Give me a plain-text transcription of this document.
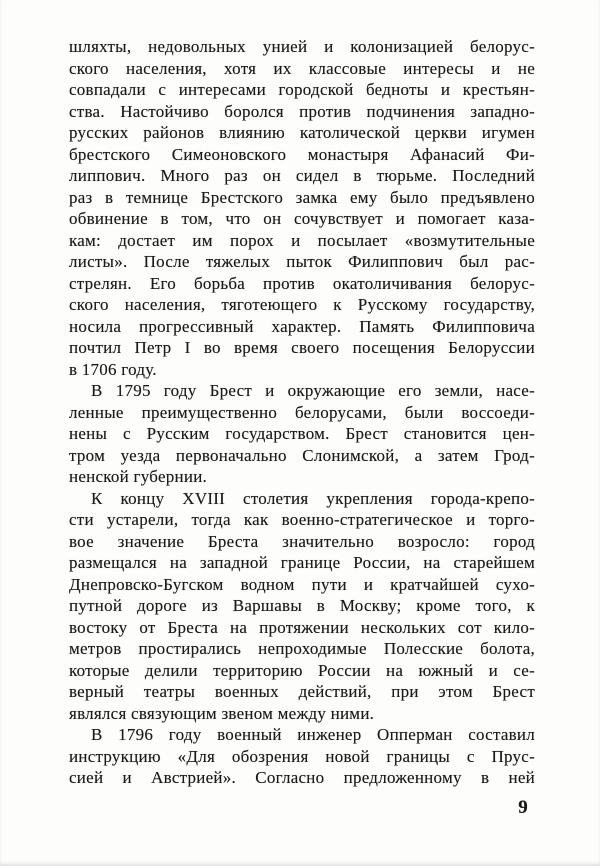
шляхты, недовольных унией и колонизацией белорус-
ского населения, хотя их классовые интересы и не
совпадали с интересами городской бедноты и крестьян-
ства. Настойчиво боролся против подчинения западно-
русских районов влиянию католической церкви игумен
брестского Симеоновского монастыря Афанасий Фи-
липпович. Много раз он сидел в тюрьме. Последний
раз в темнице Брестского замка ему было предъявлено
обвинение в том, что он сочувствует и помогает каза-
кам: достает им порох и посылает «возмутительные
листы». После тяжелых пыток Филиппович был рас-
стрелян. Его борьба против окатоличивания белорус-
ского населения, тяготеющего к Русскому государству,
носила прогрессивный характер. Память Филипповича
почтил Петр I во время своего посещения Белоруссии
в 1706 году.
В 1795 году Брест и окружающие его земли, насе-
ленные преимущественно белорусами, были воссоеди-
нены с Русским государством. Брест становится цен-
тром уезда первоначально Слонимской, а затем Грод-
ненской губернии.
К концу XVIII столетия укрепления города-крепо-
сти устарели, тогда как военно-стратегическое и торго-
вое значение Бреста значительно возросло: город
размещался на западной границе России, на старейшем
Днепровско-Бугском водном пути и кратчайшей сухо-
путной дороге из Варшавы в Москву; кроме того, к
востоку от Бреста на протяжении нескольких сот кило-
метров простирались непроходимые Полесские болота,
которые делили территорию России на южный и се-
верный театры военных действий, при этом Брест
являлся связующим звеном между ними.
В 1796 году военный инженер Опперман составил
инструкцию «Для обозрения новой границы с Прус-
сией и Австрией». Согласно предложенному в ней
9
